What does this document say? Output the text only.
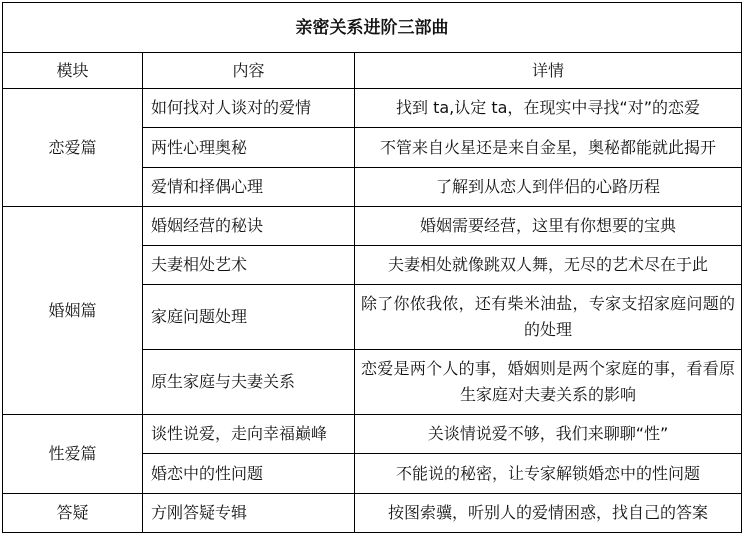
亲密关系进阶三部曲		
模块	内容	详情
恋爱篇	如何找对人谈对的爱情	找到 ta,认定 ta，在现实中寻找“对”的恋爱
	两性心理奥秘	不管来自火星还是来自金星，奥秘都能就此揭开
	爱情和择偶心理	了解到从恋人到伴侣的心路历程
婚姻篇	婚姻经营的秘诀	婚姻需要经营，这里有你想要的宝典
	夫妻相处艺术	夫妻相处就像跳双人舞，无尽的艺术尽在于此
	家庭问题处理	除了你侬我侬，还有柴米油盐，专家支招家庭问题的的处理
	原生家庭与夫妻关系	恋爱是两个人的事，婚姻则是两个家庭的事，看看原生家庭对夫妻关系的影响
性爱篇	谈性说爱，走向幸福巅峰	关谈情说爱不够，我们来聊聊“性”
	婚恋中的性问题	不能说的秘密，让专家解锁婚恋中的性问题
答疑	方刚答疑专辑	按图索骥，听别人的爱情困惑，找自己的答案
